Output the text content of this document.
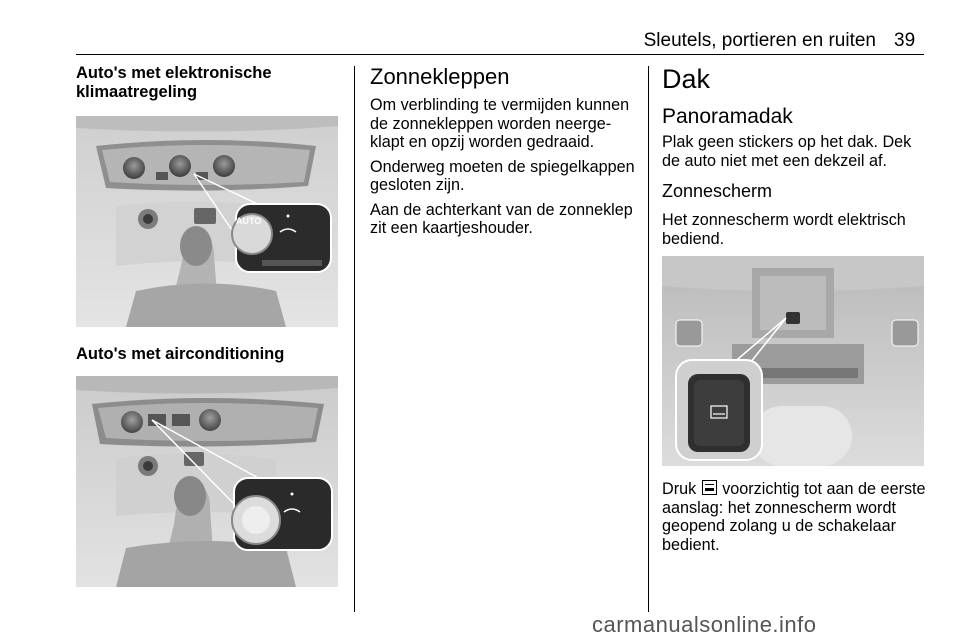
Sleutels, portieren en ruiten 39

Auto's met elektronische klimaatregeling

AUTO

Auto's met airconditioning

Zonnekleppen

Om verblinding te vermijden kunnen de zonnekleppen worden neerge-klapt en opzij worden gedraaid.

Onderweg moeten de spiegelkappen gesloten zijn.

Aan de achterkant van de zonneklep zit een kaartjeshouder.

Dak
Panoramadak

Plak geen stickers op het dak. Dek de auto niet met een dekzeil af.

Zonnescherm

Het zonnescherm wordt elektrisch bediend.

Druk voorzichtig tot aan de eerste aanslag: het zonnescherm wordt geopend zolang u de schakelaar bedient.

carmanualsonline.info
